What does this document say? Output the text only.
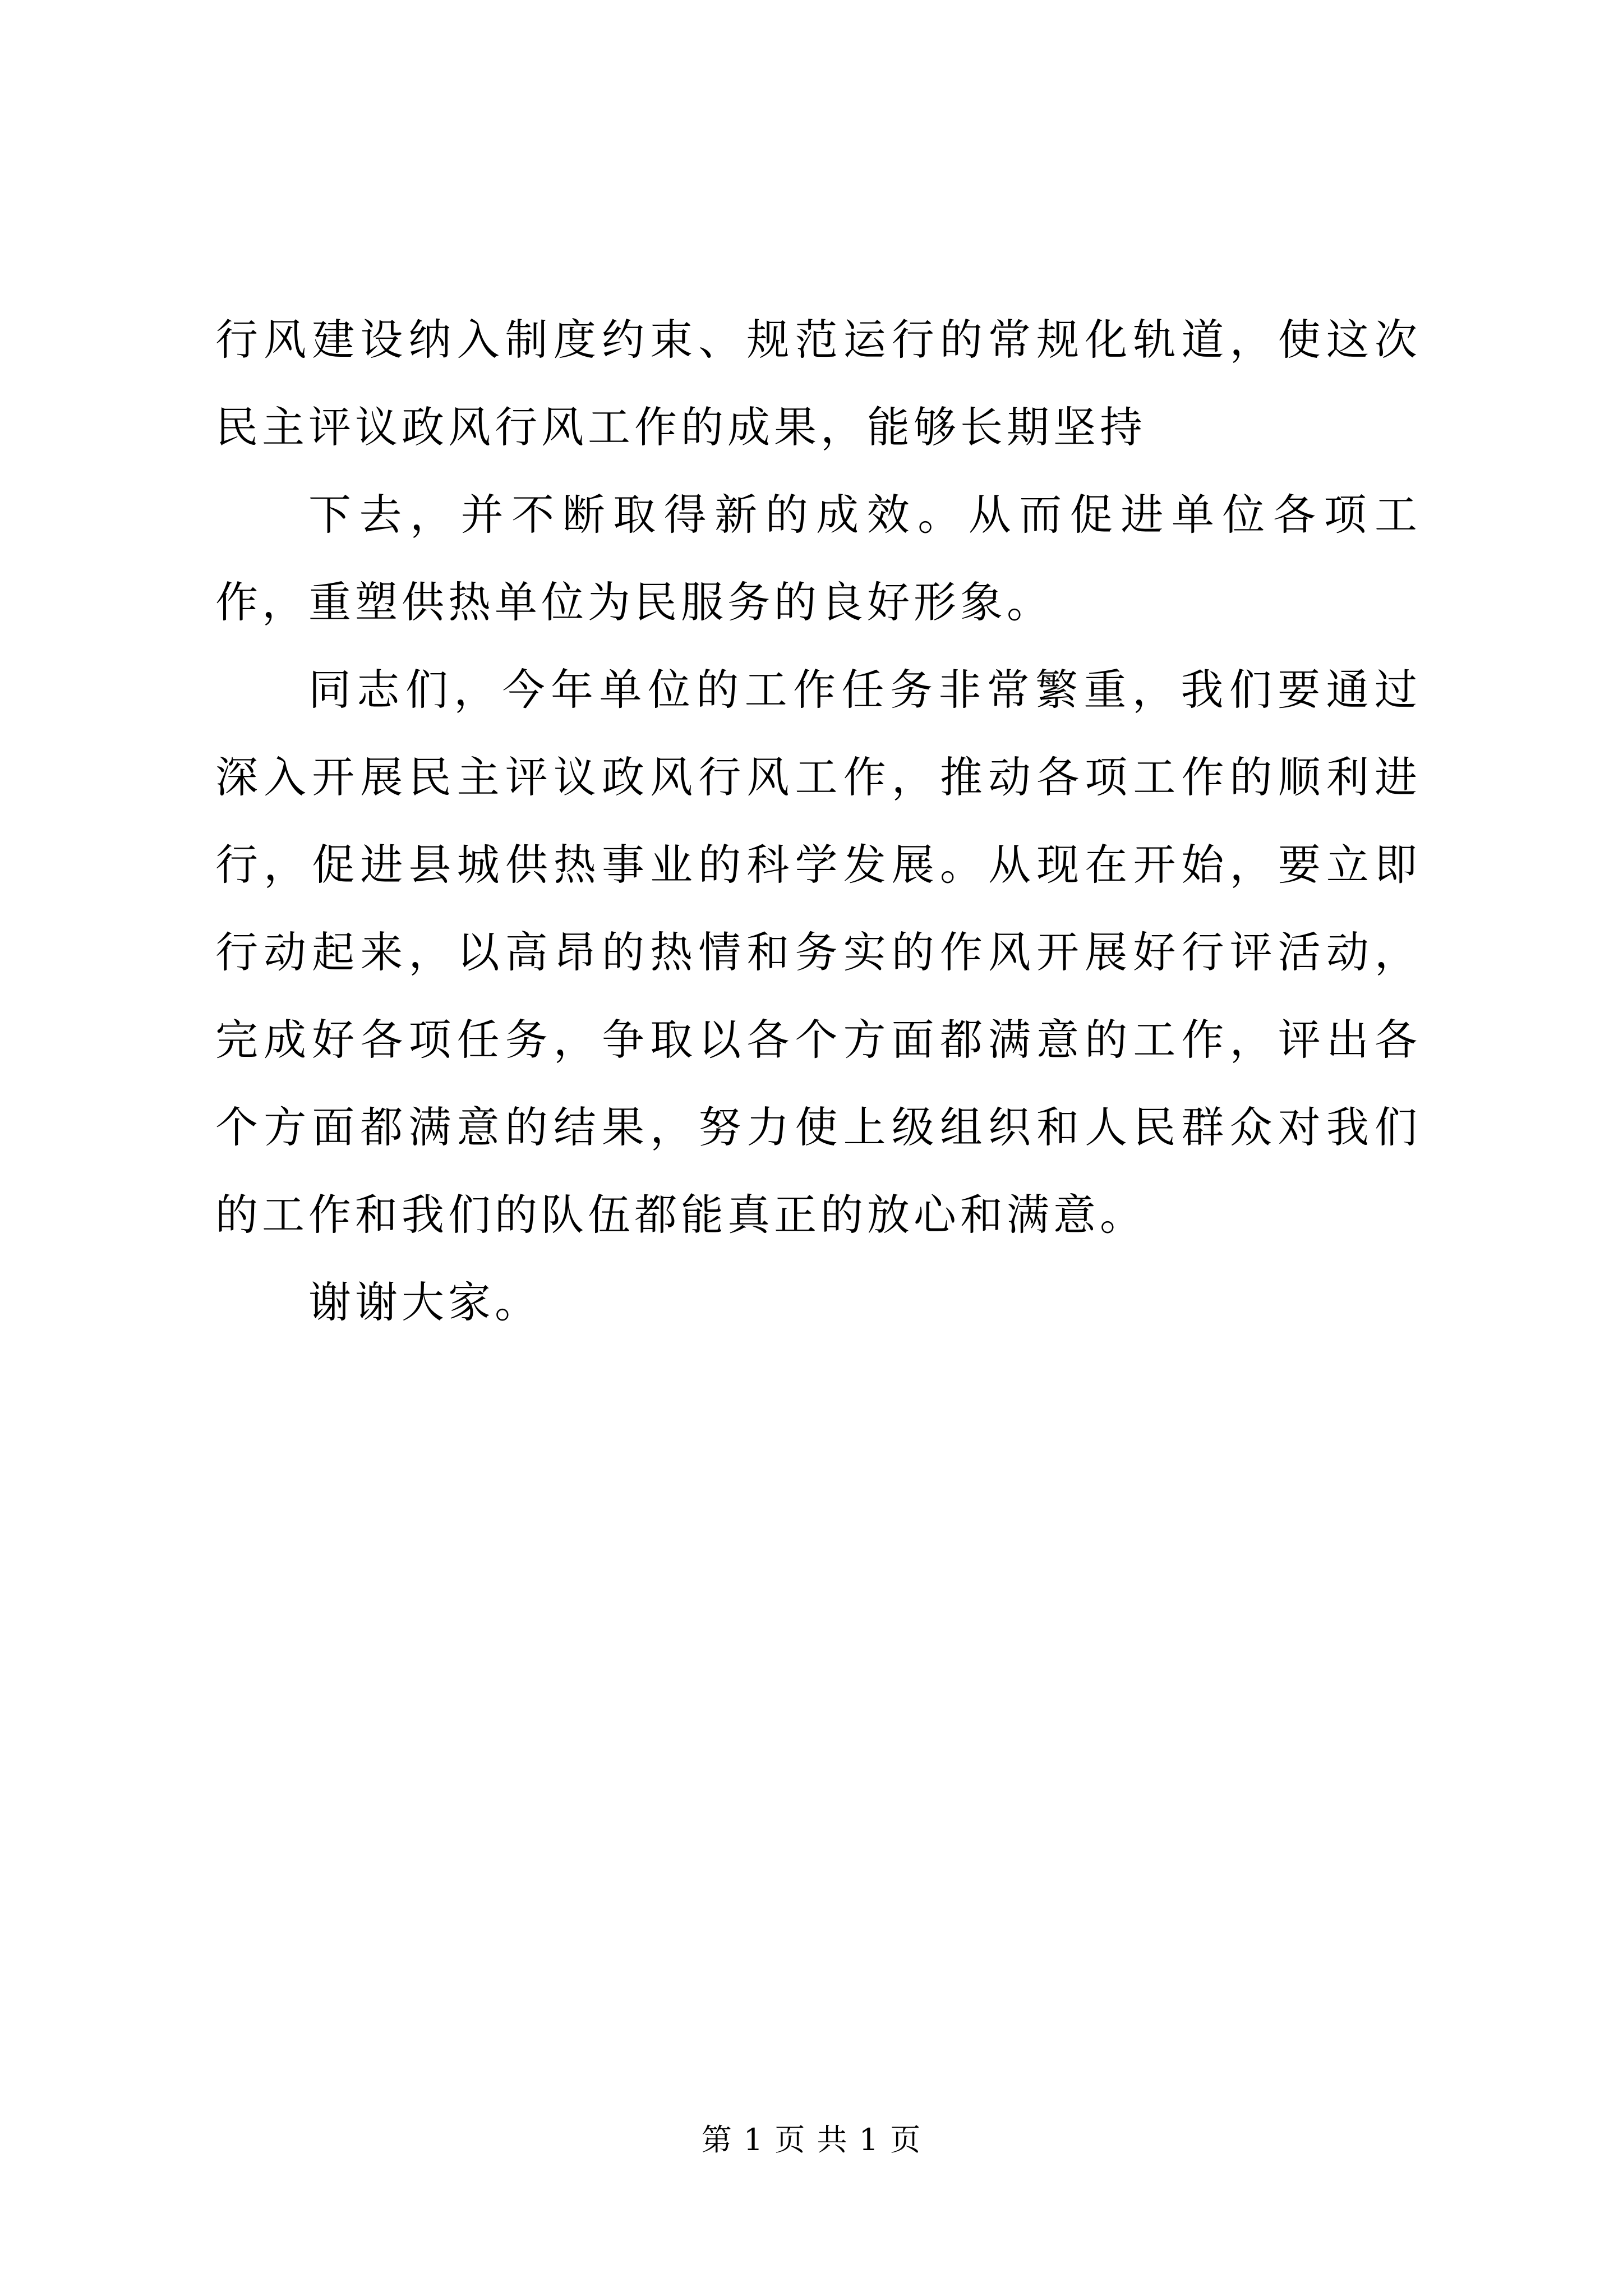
行风建设纳入制度约束、规范运行的常规化轨道，使这次民主评议政风行风工作的成果，能够长期坚持

下去，并不断取得新的成效。从而促进单位各项工作，重塑供热单位为民服务的良好形象。

同志们，今年单位的工作任务非常繁重，我们要通过深入开展民主评议政风行风工作，推动各项工作的顺利进行，促进县城供热事业的科学发展。从现在开始，要立即行动起来，以高昂的热情和务实的作风开展好行评活动，完成好各项任务，争取以各个方面都满意的工作，评出各个方面都满意的结果，努力使上级组织和人民群众对我们的工作和我们的队伍都能真正的放心和满意。

谢谢大家。

第 1 页 共 1 页
